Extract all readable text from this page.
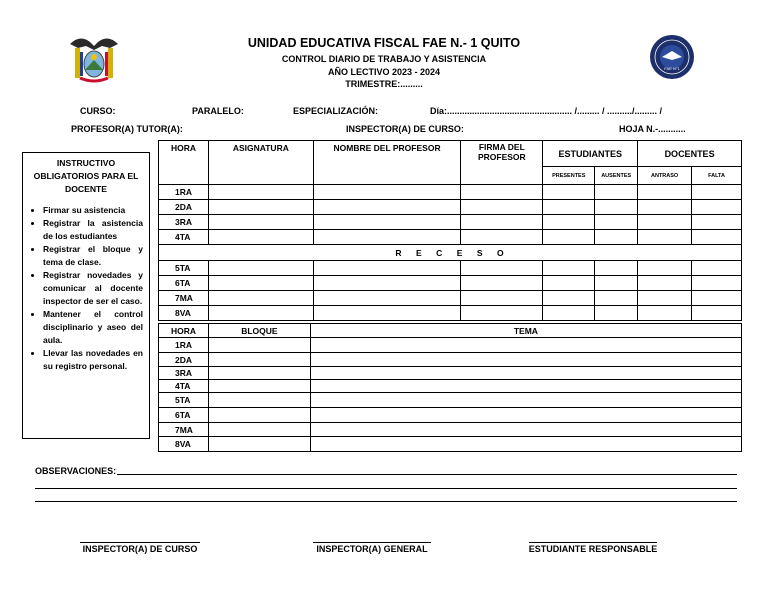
FAE N°1
UNIDAD EDUCATIVA FISCAL FAE N.- 1 QUITO
CONTROL DIARIO DE TRABAJO Y ASISTENCIA
AÑO LECTIVO 2023 - 2024
TRIMESTRE:.........
CURSO:	PARALELO:	ESPECIALIZACIÓN:	Día:.................................................. /......... / ........../......... /
PROFESOR(A) TUTOR(A):	INSPECTOR(A) DE CURSO:	HOJA N.-...........
INSTRUCTIVO OBLIGATORIOS PARA EL DOCENTE
• Firmar su asistencia
• Registrar la asistencia de los estudiantes
• Registrar el bloque y tema de clase.
• Registrar novedades y comunicar al docente inspector de ser el caso.
• Mantener el control disciplinario y aseo del aula.
• Llevar las novedades en su registro personal.
HORA	ASIGNATURA	NOMBRE DEL PROFESOR	FIRMA DEL PROFESOR	ESTUDIANTES		DOCENTES	
				PRESENTES	AUSENTES	ANTRASO	FALTA
1RA							
2DA							
3RA							
4TA							
R    E    C    E    S    O							
5TA							
6TA							
7MA							
8VA							
HORA	BLOQUE	TEMA
1RA		
2DA		
3RA		
4TA		
5TA		
6TA		
7MA		
8VA		
OBSERVACIONES:
INSPECTOR(A) DE CURSO	INSPECTOR(A) GENERAL	ESTUDIANTE RESPONSABLE
